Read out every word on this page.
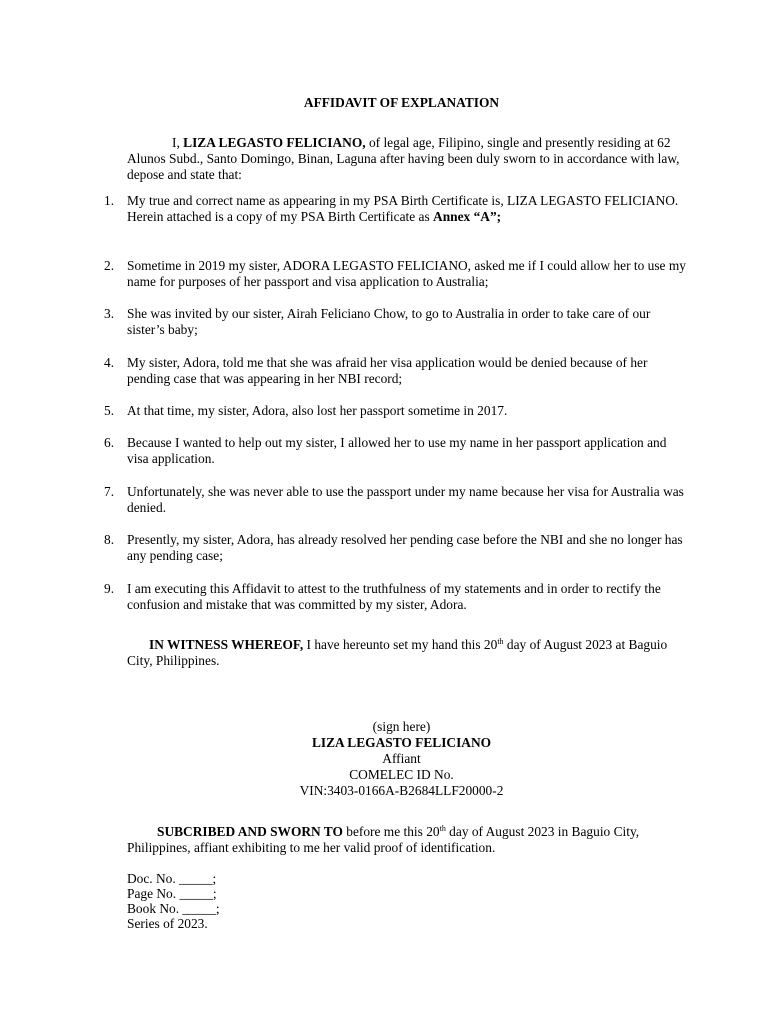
AFFIDAVIT OF EXPLANATION
I, LIZA LEGASTO FELICIANO, of legal age, Filipino, single and presently residing at 62 Alunos Subd., Santo Domingo, Binan, Laguna after having been duly sworn to in accordance with law, depose and state that:
1. My true and correct name as appearing in my PSA Birth Certificate is, LIZA LEGASTO FELICIANO.
Herein attached is a copy of my PSA Birth Certificate as Annex “A”;
2. Sometime in 2019 my sister, ADORA LEGASTO FELICIANO, asked me if I could allow her to use my name for purposes of her passport and visa application to Australia;
3. She was invited by our sister, Airah Feliciano Chow, to go to Australia in order to take care of our sister’s baby;
4. My sister, Adora, told me that she was afraid her visa application would be denied because of her pending case that was appearing in her NBI record;
5. At that time, my sister, Adora, also lost her passport sometime in 2017.
6. Because I wanted to help out my sister, I allowed her to use my name in her passport application and visa application.
7. Unfortunately, she was never able to use the passport under my name because her visa for Australia was denied.
8. Presently, my sister, Adora, has already resolved her pending case before the NBI and she no longer has any pending case;
9. I am executing this Affidavit to attest to the truthfulness of my statements and in order to rectify the confusion and mistake that was committed by my sister, Adora.
IN WITNESS WHEREOF, I have hereunto set my hand this 20th day of August 2023 at Baguio City, Philippines.
(sign here)
LIZA LEGASTO FELICIANO
Affiant
COMELEC ID No.
VIN:3403-0166A-B2684LLF20000-2
SUBCRIBED AND SWORN TO before me this 20th day of August 2023 in Baguio City, Philippines, affiant exhibiting to me her valid proof of identification.
Doc. No. _____;
Page No. _____;
Book No. _____;
Series of 2023.
